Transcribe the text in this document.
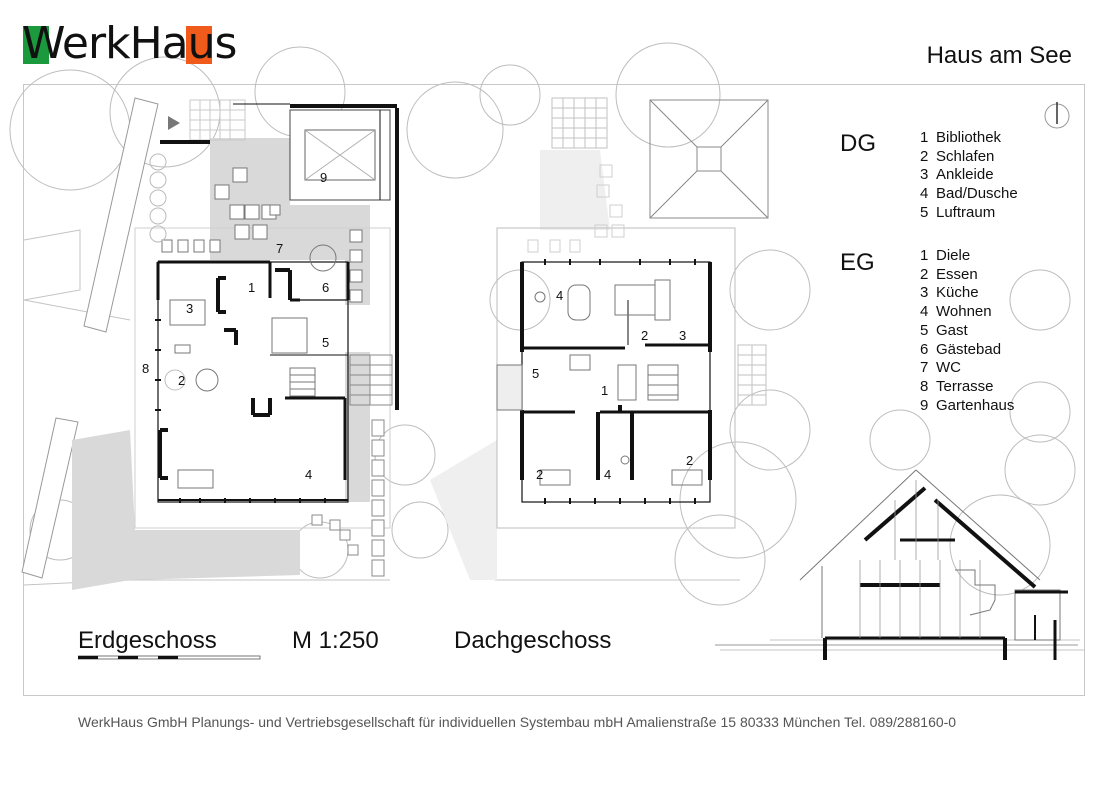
WerkHaus	Haus am See
1
2
3
4
5
6
7
8
9
1
2
2
3
4
4
5
2
DG	1 Bibliothek
2 Schlafen
3 Ankleide
4 Bad/Dusche
5 Luftraum
EG	1 Diele
2 Essen
3 Küche
4 Wohnen
5 Gast
6 Gästebad
7 WC
8 Terrasse
9 Gartenhaus
Erdgeschoss	M 1:250	Dachgeschoss
WerkHaus GmbH Planungs- und Vertriebsgesellschaft für individuellen Systembau mbH Amalienstraße 15 80333 München Tel. 089/288160-0
